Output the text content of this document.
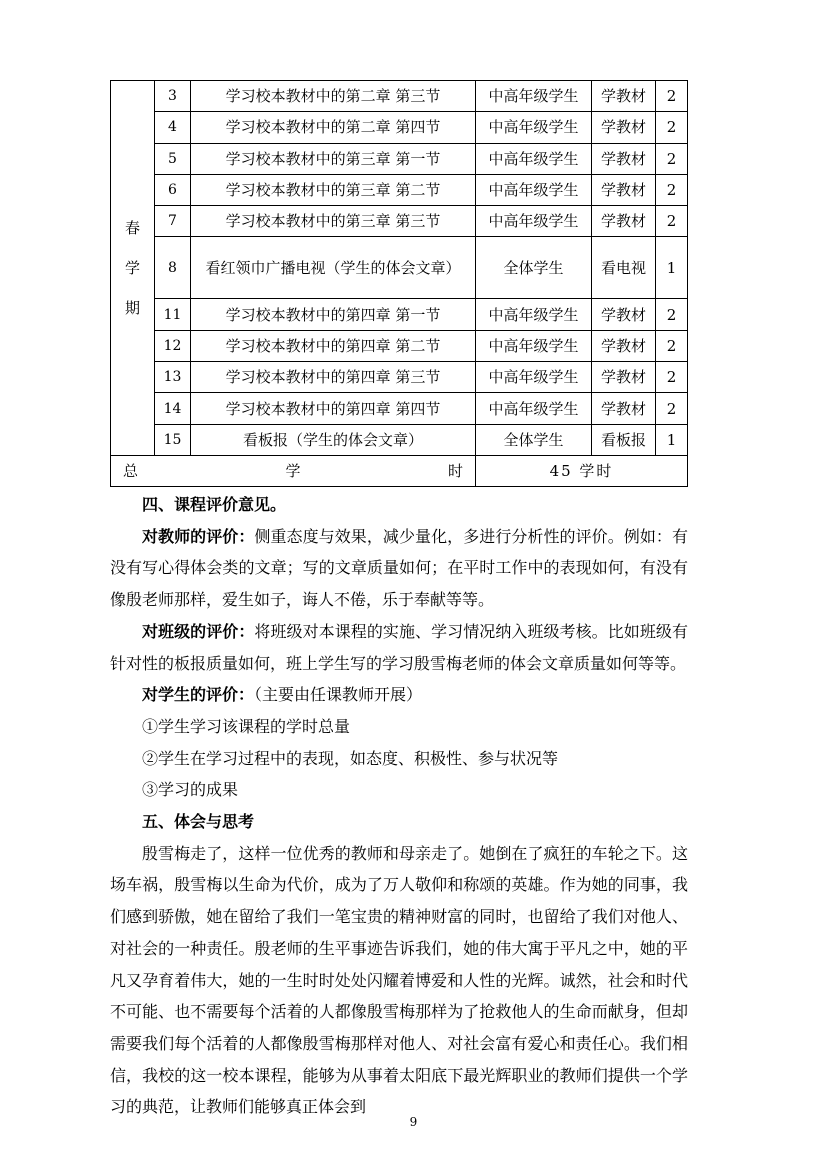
春
学
期	3	学习校本教材中的第二章 第三节	中高年级学生	学教材	2
	4	学习校本教材中的第二章 第四节	中高年级学生	学教材	2
	5	学习校本教材中的第三章 第一节	中高年级学生	学教材	2
	6	学习校本教材中的第三章 第二节	中高年级学生	学教材	2
	7	学习校本教材中的第三章 第三节	中高年级学生	学教材	2
	8	看红领巾广播电视（学生的体会文章）	全体学生	看电视	1
	11	学习校本教材中的第四章 第一节	中高年级学生	学教材	2
	12	学习校本教材中的第四章 第二节	中高年级学生	学教材	2
	13	学习校本教材中的第四章 第三节	中高年级学生	学教材	2
	14	学习校本教材中的第四章 第四节	中高年级学生	学教材	2
	15	看板报（学生的体会文章）	全体学生	看板报	1

总 学 时			45 学时		

四、课程评价意见。

对教师的评价：侧重态度与效果，减少量化，多进行分析性的评价。例如：有没有写心得体会类的文章；写的文章质量如何；在平时工作中的表现如何，有没有像殷老师那样，爱生如子，诲人不倦，乐于奉献等等。

对班级的评价：将班级对本课程的实施、学习情况纳入班级考核。比如班级有针对性的板报质量如何，班上学生写的学习殷雪梅老师的体会文章质量如何等等。

对学生的评价：（主要由任课教师开展）

①学生学习该课程的学时总量

②学生在学习过程中的表现，如态度、积极性、参与状况等

③学习的成果

五、体会与思考

殷雪梅走了，这样一位优秀的教师和母亲走了。她倒在了疯狂的车轮之下。这场车祸，殷雪梅以生命为代价，成为了万人敬仰和称颂的英雄。作为她的同事，我们感到骄傲，她在留给了我们一笔宝贵的精神财富的同时，也留给了我们对他人、对社会的一种责任。殷老师的生平事迹告诉我们，她的伟大寓于平凡之中，她的平凡又孕育着伟大，她的一生时时处处闪耀着博爱和人性的光辉。诚然，社会和时代不可能、也不需要每个活着的人都像殷雪梅那样为了抢救他人的生命而献身，但却需要我们每个活着的人都像殷雪梅那样对他人、对社会富有爱心和责任心。我们相信，我校的这一校本课程，能够为从事着太阳底下最光辉职业的教师们提供一个学习的典范，让教师们能够真正体会到

9
